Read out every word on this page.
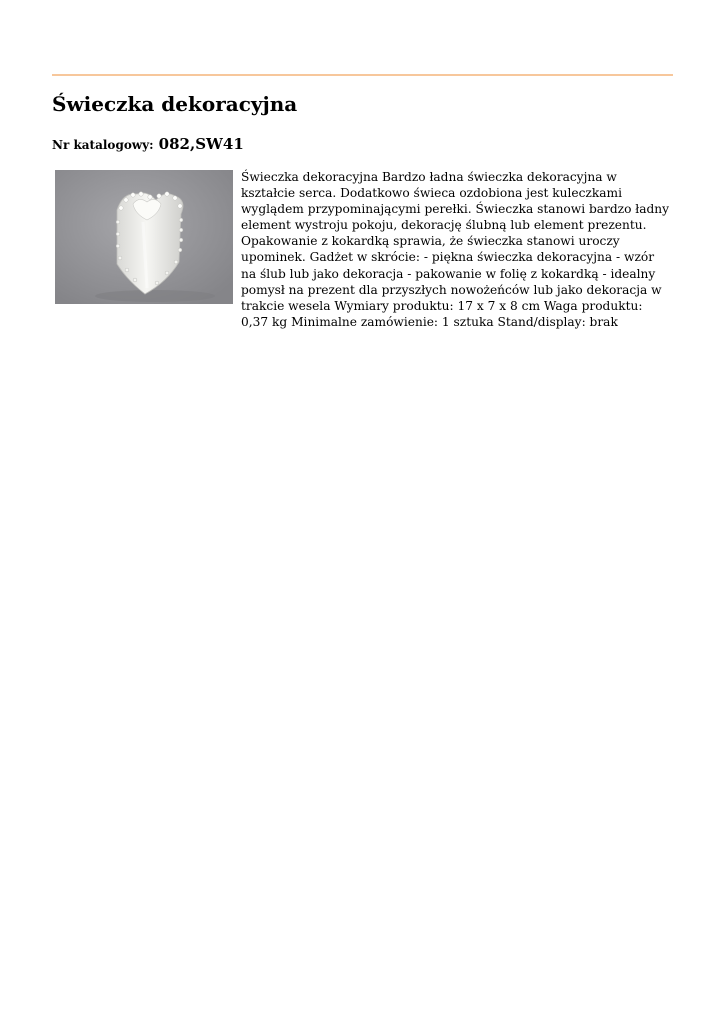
Świeczka dekoracyjna
Nr katalogowy: 082,SW41

Świeczka dekoracyjna Bardzo ładna świeczka dekoracyjna w kształcie serca. Dodatkowo świeca ozdobiona jest kuleczkami wyglądem przypominającymi perełki. Świeczka stanowi bardzo ładny element wystroju pokoju, dekorację ślubną lub element prezentu. Opakowanie z kokardką sprawia, że świeczka stanowi uroczy upominek. Gadżet w skrócie: - piękna świeczka dekoracyjna - wzór na ślub lub jako dekoracja - pakowanie w folię z kokardką - idealny pomysł na prezent dla przyszłych nowożeńców lub jako dekoracja w trakcie wesela Wymiary produktu: 17 x 7 x 8 cm Waga produktu: 0,37 kg Minimalne zamówienie: 1 sztuka Stand/display: brak
